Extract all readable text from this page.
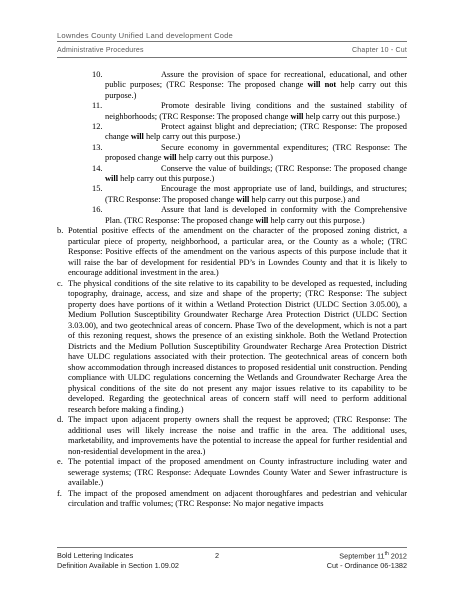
Lowndes County Unified Land development Code
Administrative Procedures	Chapter 10 - Cut
10.	Assure the provision of space for recreational, educational, and other public purposes; (TRC Response: The proposed change will not help carry out this purpose.)
11.	Promote desirable living conditions and the sustained stability of neighborhoods; (TRC Response: The proposed change will help carry out this purpose.)
12.	Protect against blight and depreciation; (TRC Response: The proposed change will help carry out this purpose.)
13.	Secure economy in governmental expenditures; (TRC Response: The proposed change will help carry out this purpose.)
14.	Conserve the value of buildings; (TRC Response: The proposed change will help carry out this purpose.)
15.	Encourage the most appropriate use of land, buildings, and structures; (TRC Response: The proposed change will help carry out this purpose.) and
16.	Assure that land is developed in conformity with the Comprehensive Plan. (TRC Response: The proposed change will help carry out this purpose.)
b. Potential positive effects of the amendment on the character of the proposed zoning district, a particular piece of property, neighborhood, a particular area, or the County as a whole; (TRC Response: Positive effects of the amendment on the various aspects of this purpose include that it will raise the bar of development for residential PD’s in Lowndes County and that it is likely to encourage additional investment in the area.)
c. The physical conditions of the site relative to its capability to be developed as requested, including topography, drainage, access, and size and shape of the property; (TRC Response: The subject property does have portions of it within a Wetland Protection District (ULDC Section 3.05.00), a Medium Pollution Susceptibility Groundwater Recharge Area Protection District (ULDC Section 3.03.00), and two geotechnical areas of concern. Phase Two of the development, which is not a part of this rezoning request, shows the presence of an existing sinkhole. Both the Wetland Protection Districts and the Medium Pollution Susceptibility Groundwater Recharge Area Protection District have ULDC regulations associated with their protection. The geotechnical areas of concern both show accommodation through increased distances to proposed residential unit construction. Pending compliance with ULDC regulations concerning the Wetlands and Groundwater Recharge Area the physical conditions of the site do not present any major issues relative to its capability to be developed. Regarding the geotechnical areas of concern staff will need to perform additional research before making a finding.)
d. The impact upon adjacent property owners shall the request be approved; (TRC Response: The additional uses will likely increase the noise and traffic in the area. The additional uses, marketability, and improvements have the potential to increase the appeal for further residential and non-residential development in the area.)
e. The potential impact of the proposed amendment on County infrastructure including water and sewerage systems; (TRC Response: Adequate Lowndes County Water and Sewer infrastructure is available.)
f. The impact of the proposed amendment on adjacent thoroughfares and pedestrian and vehicular circulation and traffic volumes; (TRC Response: No major negative impacts
Bold Lettering Indicates	2	September 11th 2012
Definition Available in Section 1.09.02	Cut - Ordinance 06-1382
